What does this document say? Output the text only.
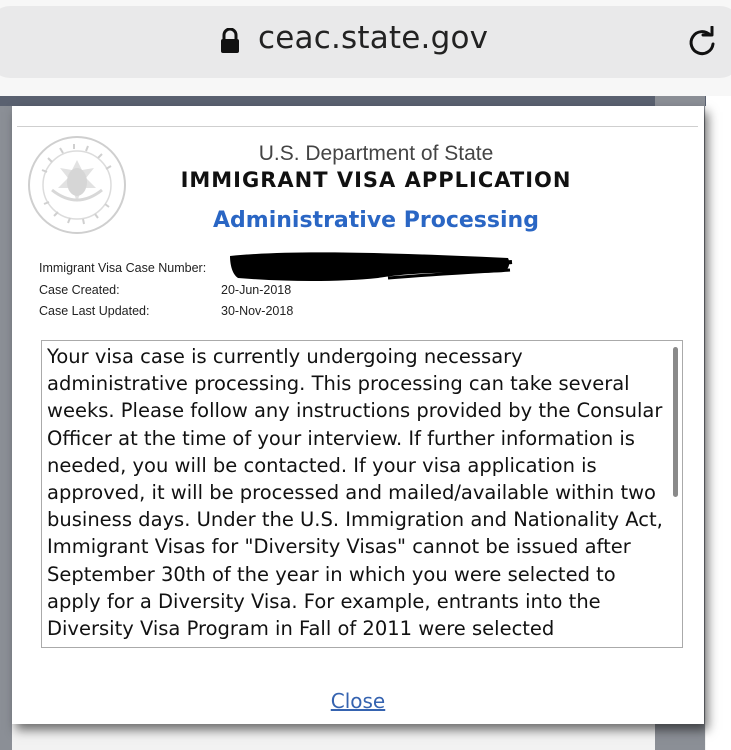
ceac.state.gov
U.S. Department of State
IMMIGRANT VISA APPLICATION
Administrative Processing
Immigrant Visa Case Number:
Case Created:	20-Jun-2018
Case Last Updated:	30-Nov-2018

Your visa case is currently undergoing necessary administrative processing. This processing can take several weeks. Please follow any instructions provided by the Consular Officer at the time of your interview. If further information is needed, you will be contacted. If your visa application is approved, it will be processed and mailed/available within two business days. Under the U.S. Immigration and Nationality Act, Immigrant Visas for "Diversity Visas" cannot be issued after September 30th of the year in which you were selected to apply for a Diversity Visa. For example, entrants into the Diversity Visa Program in Fall of 2011 were selected

Close
